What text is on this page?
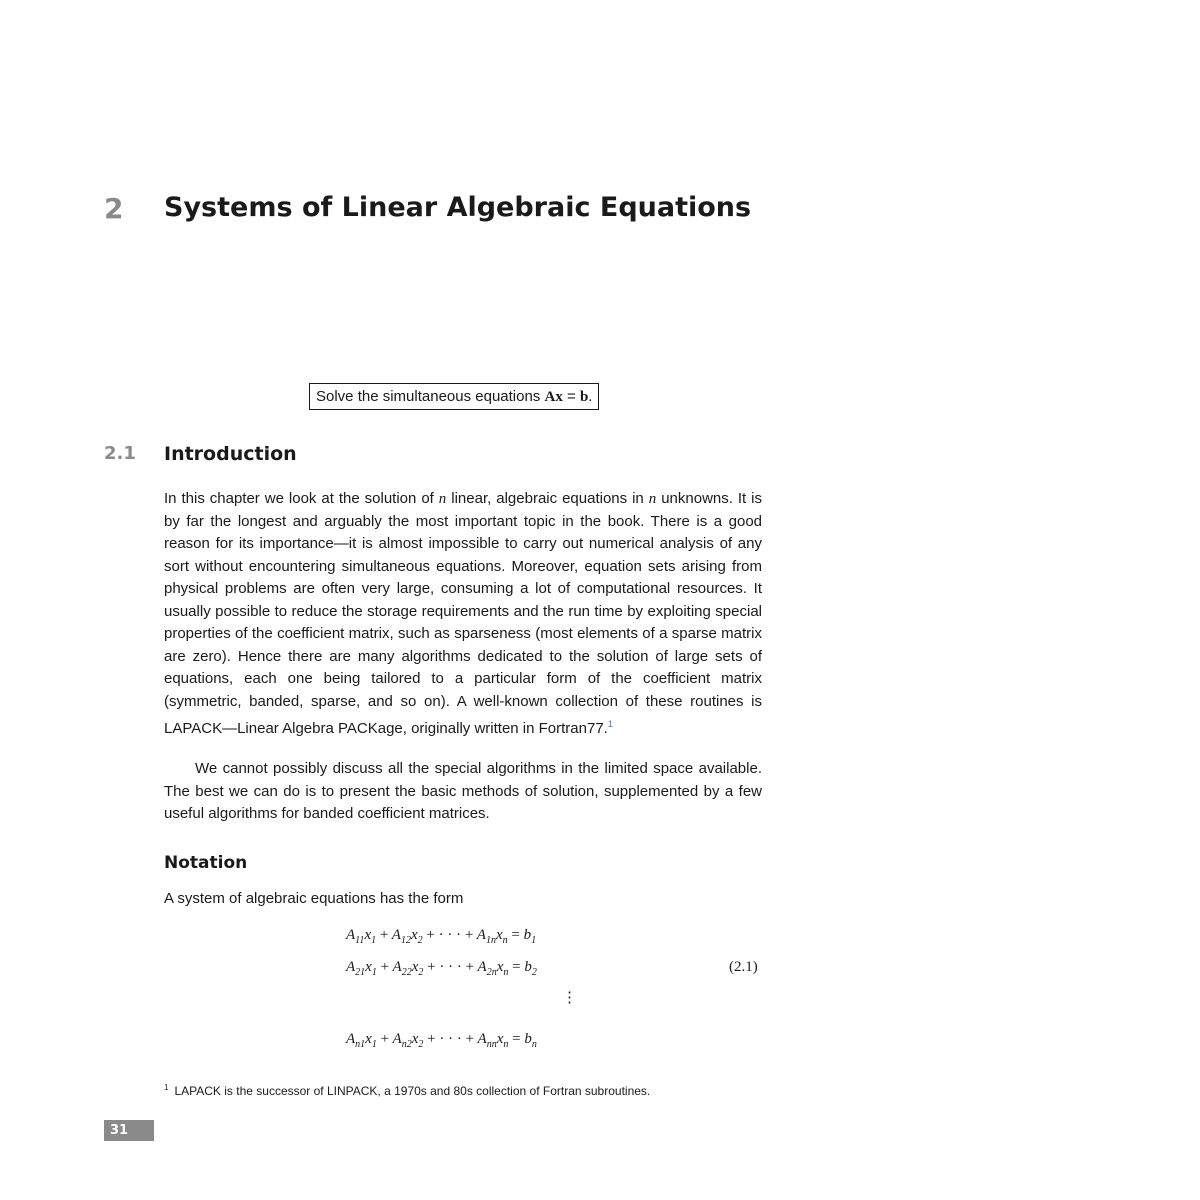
2 Systems of Linear Algebraic Equations
Solve the simultaneous equations Ax = b.
2.1 Introduction
In this chapter we look at the solution of n linear, algebraic equations in n unknowns. It is by far the longest and arguably the most important topic in the book. There is a good reason for its importance—it is almost impossible to carry out numerical analysis of any sort without encountering simultaneous equations. Moreover, equation sets arising from physical problems are often very large, consuming a lot of computational resources. It usually possible to reduce the storage requirements and the run time by exploiting special properties of the coefficient matrix, such as sparseness (most elements of a sparse matrix are zero). Hence there are many algorithms dedicated to the solution of large sets of equations, each one being tailored to a particular form of the coefficient matrix (symmetric, banded, sparse, and so on). A well-known collection of these routines is LAPACK—Linear Algebra PACKage, originally written in Fortran77.$^1$
We cannot possibly discuss all the special algorithms in the limited space available. The best we can do is to present the basic methods of solution, supplemented by a few useful algorithms for banded coefficient matrices.
Notation
A system of algebraic equations has the form
$A_{11}x_1 + A_{12}x_2$ + · · · + $A_{1n}x_n = b_1$
$A_{21}x_1 + A_{22}x_2$ + · · · + $A_{2n}x_n = b_2$
⋮
$A_{n1}x_1 + A_{n2}x_2$ + · · · + $A_{nn}x_n = b_n$
(2.1)
$^1$ LAPACK is the successor of LINPACK, a 1970s and 80s collection of Fortran subroutines.
31
